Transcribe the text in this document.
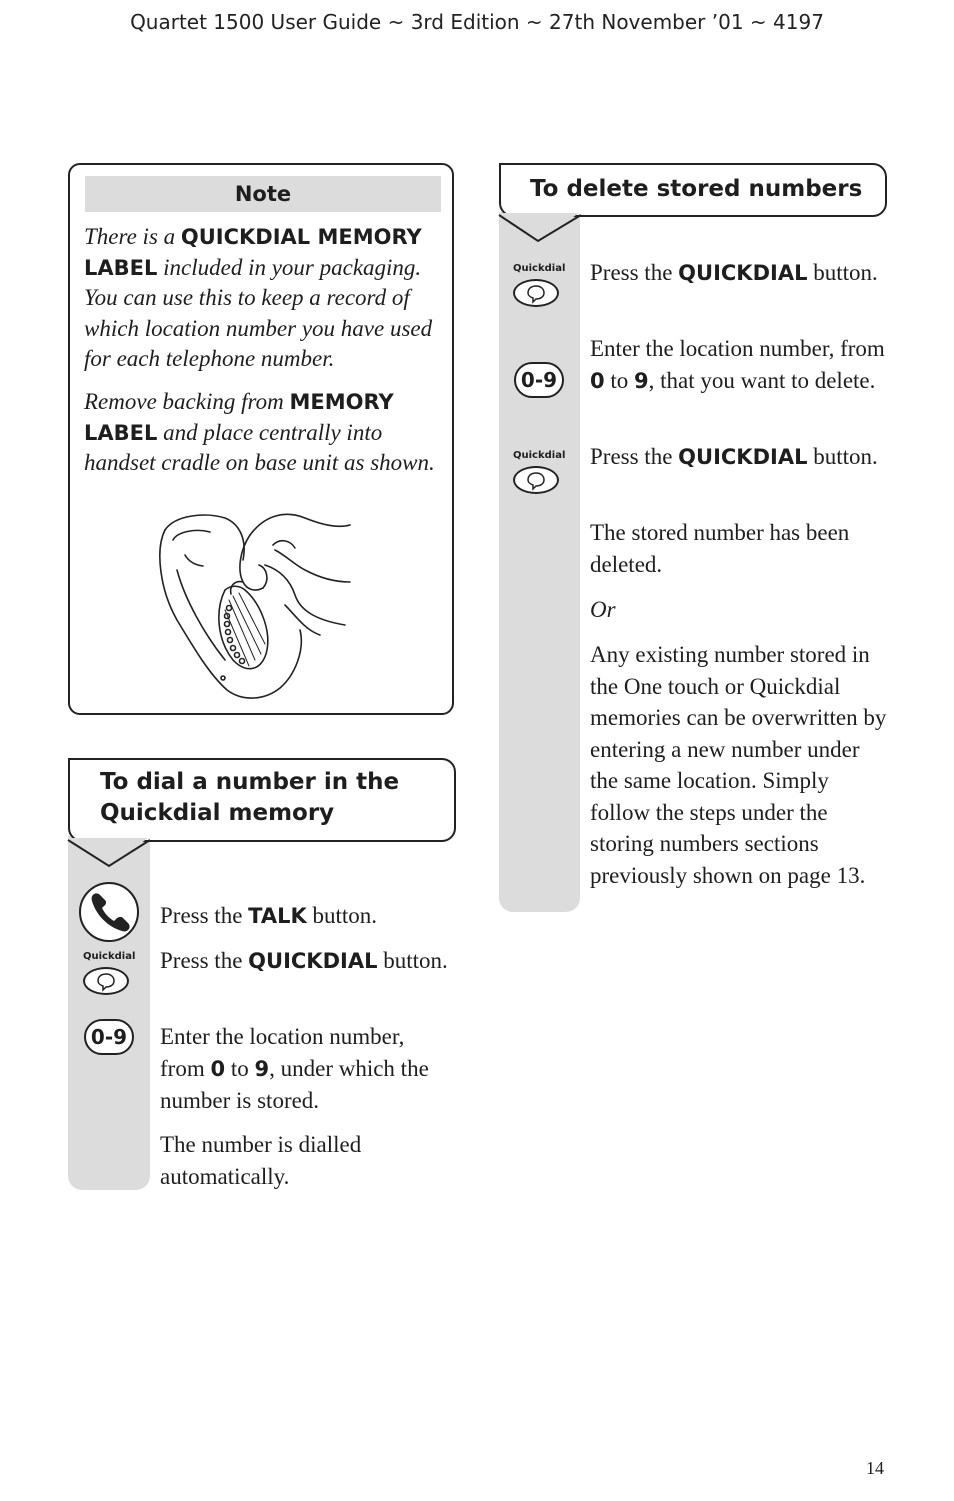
Quartet 1500 User Guide ~ 3rd Edition ~ 27th November ’01 ~ 4197
Note

There is a QUICKDIAL MEMORY LABEL included in your packaging. You can use this to keep a record of which location number you have used for each telephone number.

Remove backing from MEMORY LABEL and place centrally into handset cradle on base unit as shown.

To dial a number in the
Quickdial memory
Quickdial
0-9

Press the TALK button.

Press the QUICKDIAL button.

Enter the location number, from 0 to 9, under which the number is stored.

The number is dialled automatically.

To delete stored numbers
Quickdial
0-9
Quickdial

Press the QUICKDIAL button.

Enter the location number, from 0 to 9, that you want to delete.

Press the QUICKDIAL button.

The stored number has been deleted.

Or

Any existing number stored in the One touch or Quickdial memories can be overwritten by entering a new number under the same location. Simply follow the steps under the storing numbers sections previously shown on page 13.

14
